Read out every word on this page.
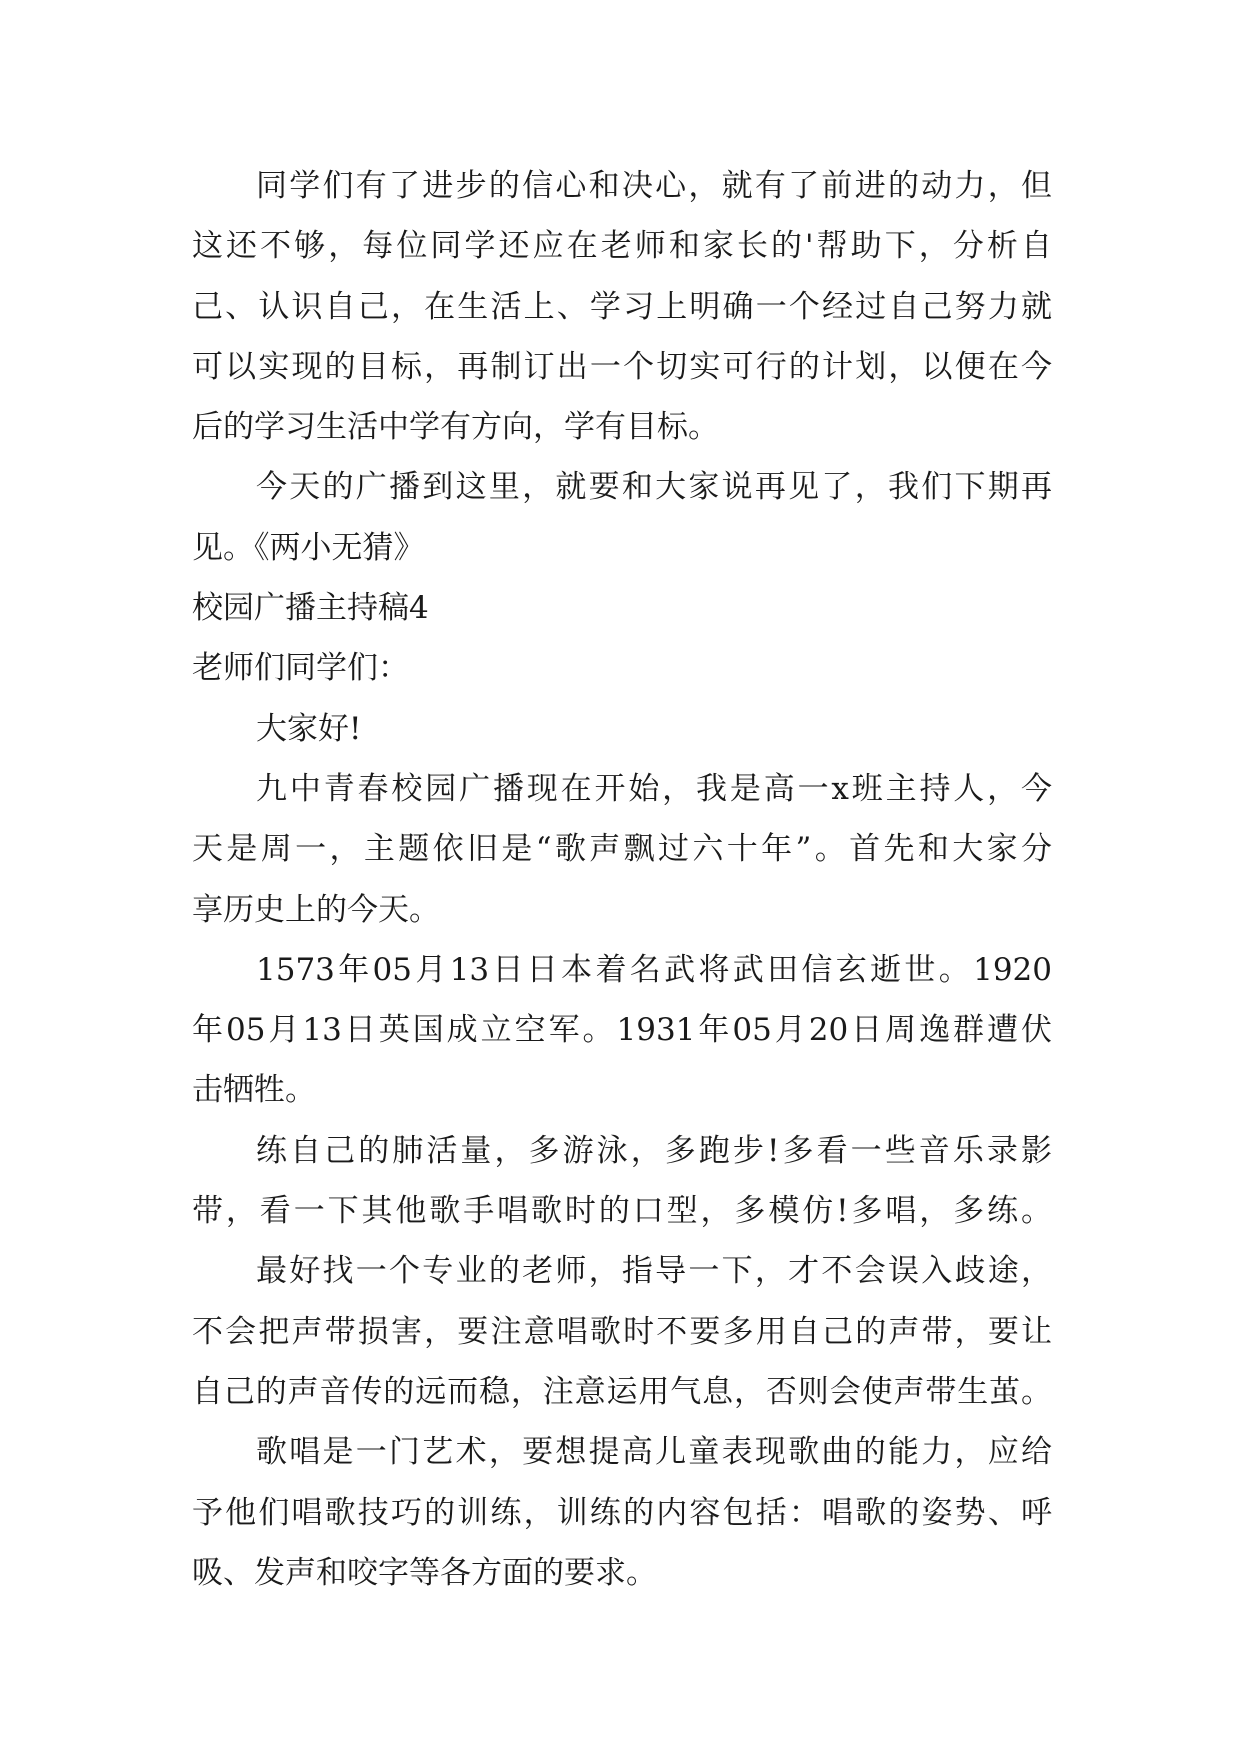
同学们有了进步的信心和决心，就有了前进的动力，但
这还不够，每位同学还应在老师和家长的'帮助下，分析自
己、认识自己，在生活上、学习上明确一个经过自己努力就
可以实现的目标，再制订出一个切实可行的计划，以便在今
后的学习生活中学有方向，学有目标。
今天的广播到这里，就要和大家说再见了，我们下期再
见。《两小无猜》
校园广播主持稿4
老师们同学们：
大家好!
九中青春校园广播现在开始，我是高一x班主持人，今
天是周一，主题依旧是“歌声飘过六十年”。首先和大家分
享历史上的今天。
1573年05月13日日本着名武将武田信玄逝世。1920
年05月13日英国成立空军。1931年05月20日周逸群遭伏
击牺牲。
练自己的肺活量，多游泳，多跑步!多看一些音乐录影
带，看一下其他歌手唱歌时的口型，多模仿!多唱，多练。
最好找一个专业的老师，指导一下，才不会误入歧途，
不会把声带损害，要注意唱歌时不要多用自己的声带，要让
自己的声音传的远而稳，注意运用气息，否则会使声带生茧。
歌唱是一门艺术，要想提高儿童表现歌曲的能力，应给
予他们唱歌技巧的训练，训练的内容包括：唱歌的姿势、呼
吸、发声和咬字等各方面的要求。
